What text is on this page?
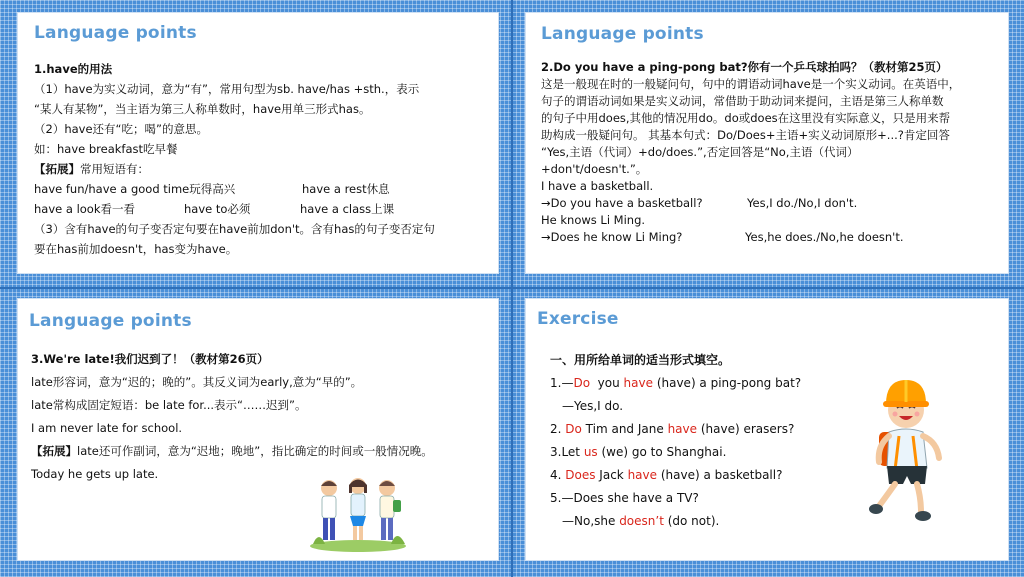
Language points
1.have的用法
（1）have为实义动词，意为“有”，常用句型为sb. have/has +sth.，表示
“某人有某物”，当主语为第三人称单数时，have用单三形式has。
（2）have还有“吃；喝”的意思。
如：have breakfast吃早餐
【拓展】常用短语有：
have fun/have a good time玩得高兴	have a rest休息
have a look看一看	have to必须	have a class上课
（3）含有have的句子变否定句要在have前加don't。含有has的句子变否定句
要在has前加doesn't，has变为have。
Language points
2.Do you have a ping-pong bat?你有一个乒乓球拍吗？（教材第25页）
这是一般现在时的一般疑问句，句中的谓语动词have是一个实义动词。在英语中，
句子的谓语动词如果是实义动词，常借助于助动词来提问，主语是第三人称单数
的句子中用does,其他的情况用do。do或does在这里没有实际意义，只是用来帮
助构成一般疑问句。 其基本句式：Do/Does+主语+实义动词原形+...?肯定回答
“Yes,主语（代词）+do/does.”,否定回答是“No,主语（代词）
+don't/doesn't.”。
I have a basketball.
→Do you have a basketball?	Yes,I do./No,I don't.
He knows Li Ming.
→Does he know Li Ming?	Yes,he does./No,he doesn't.
Language points
3.We're late!我们迟到了！（教材第26页）
late形容词，意为“迟的；晚的”。其反义词为early,意为“早的”。
late常构成固定短语：be late for...表示“……迟到”。
I am never late for school.
【拓展】late还可作副词，意为“迟地；晚地”，指比确定的时间或一般情况晚。
Today he gets up late.
Exercise
一、用所给单词的适当形式填空。
1.—Do  you have (have) a ping-pong bat?
—Yes,I do.
2. Do Tim and Jane have (have) erasers?
3.Let us (we) go to Shanghai.
4. Does Jack have (have) a basketball?
5.—Does she have a TV?
—No,she doesn’t (do not).
